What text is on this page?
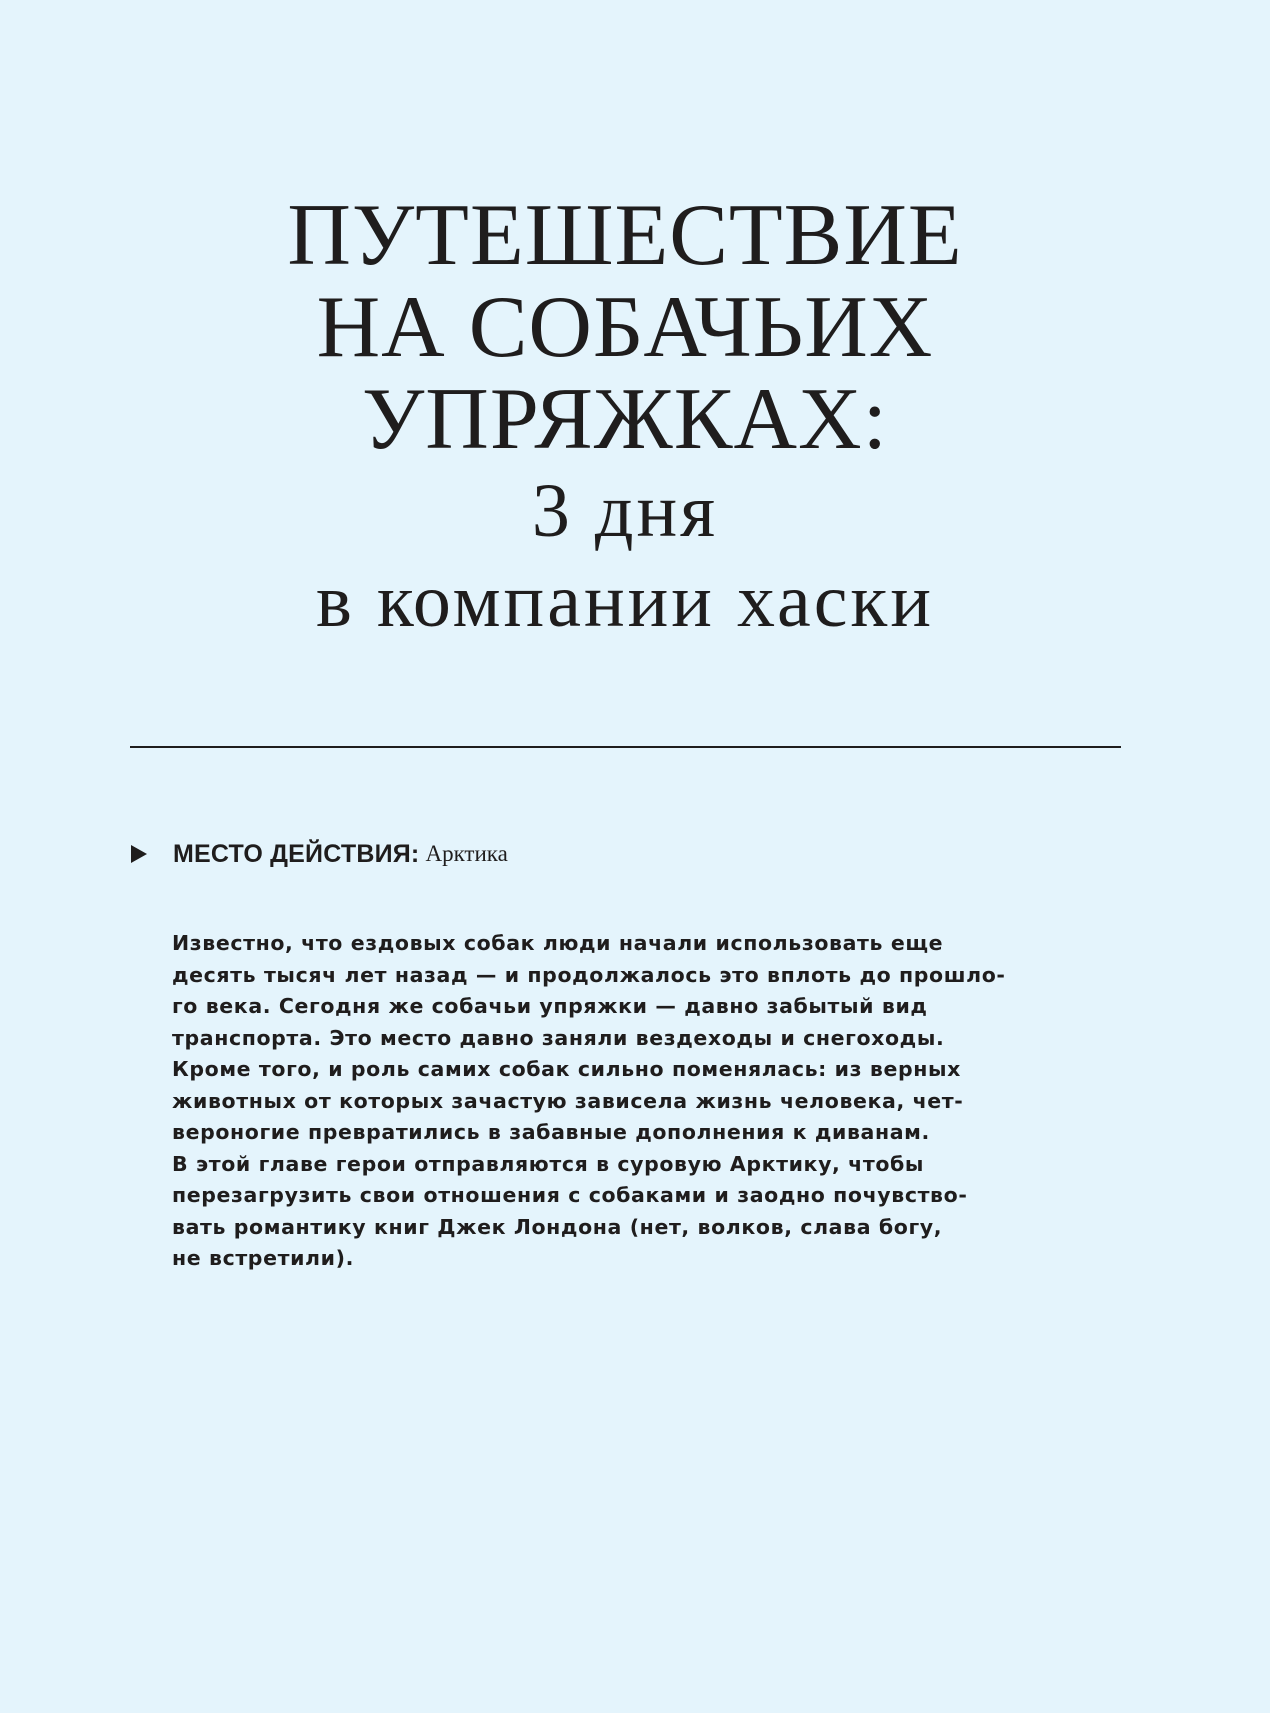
ПУТЕШЕСТВИЕ
НА СОБАЧЬИХ
УПРЯЖКАХ:
3 дня
в компании хаски
МЕСТО ДЕЙСТВИЯ: Арктика

Известно, что ездовых собак люди начали использовать еще
десять тысяч лет назад — и продолжалось это вплоть до прошло-
го века. Сегодня же собачьи упряжки — давно забытый вид
транспорта. Это место давно заняли вездеходы и снегоходы.
Кроме того, и роль самих собак сильно поменялась: из верных
животных от которых зачастую зависела жизнь человека, чет-
вероногие превратились в забавные дополнения к диванам.
В этой главе герои отправляются в суровую Арктику, чтобы
перезагрузить свои отношения с собаками и заодно почувство-
вать романтику книг Джек Лондона (нет, волков, слава богу,
не встретили).
